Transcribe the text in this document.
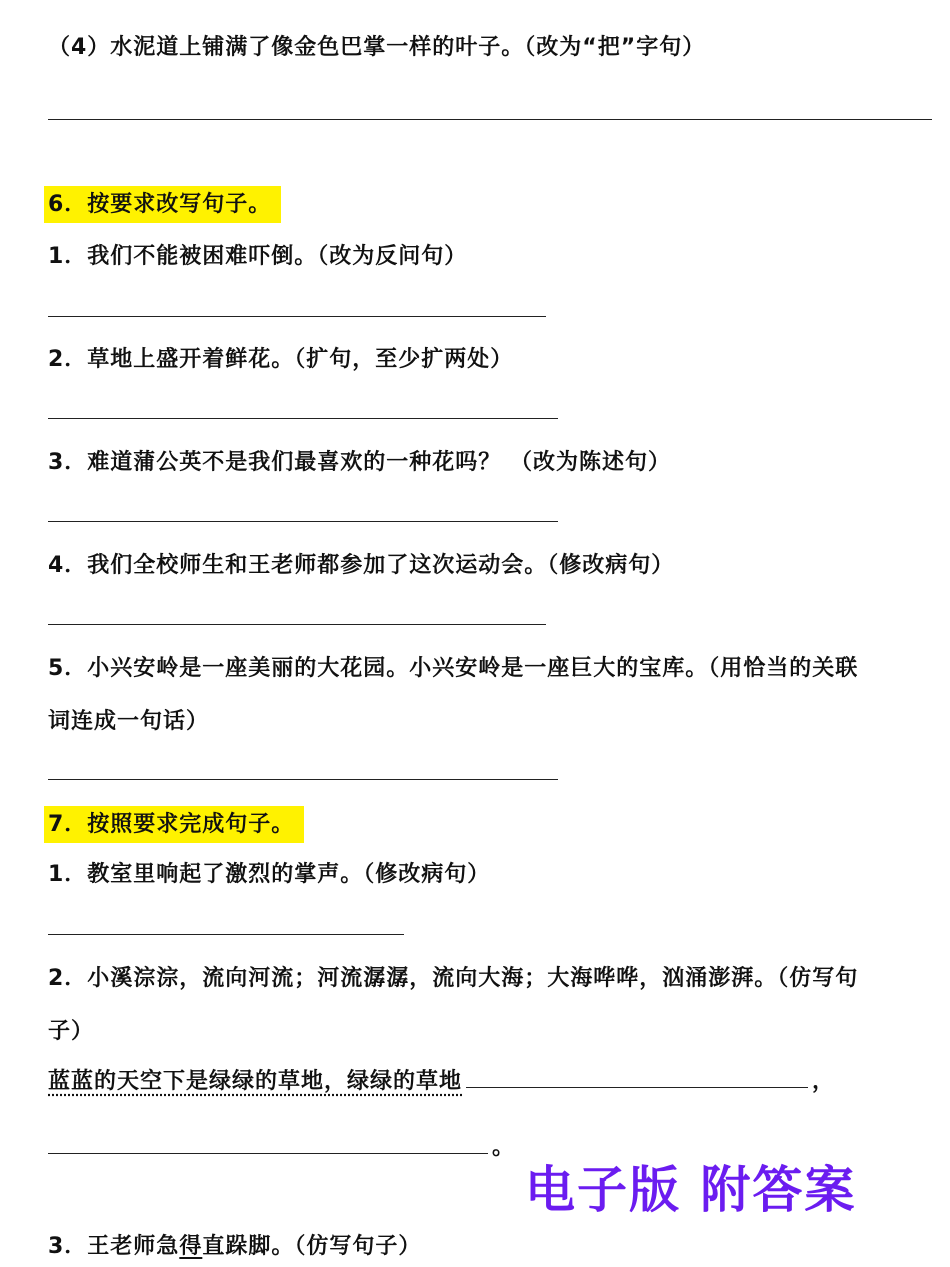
（4）水泥道上铺满了像金色巴掌一样的叶子。（改为“把”字句）
6．按要求改写句子。
1．我们不能被困难吓倒。（改为反问句）
2．草地上盛开着鲜花。（扩句，至少扩两处）
3．难道蒲公英不是我们最喜欢的一种花吗？ （改为陈述句）
4．我们全校师生和王老师都参加了这次运动会。（修改病句）
5．小兴安岭是一座美丽的大花园。小兴安岭是一座巨大的宝库。（用恰当的关联
词连成一句话）
7．按照要求完成句子。
1．教室里响起了激烈的掌声。（修改病句）
2．小溪淙淙，流向河流；河流潺潺，流向大海；大海哗哗，汹涌澎湃。（仿写句
子）
蓝蓝的天空下是绿绿的草地，绿绿的草地	，
。
电子版 附答案
3．王老师急得直跺脚。（仿写句子）
